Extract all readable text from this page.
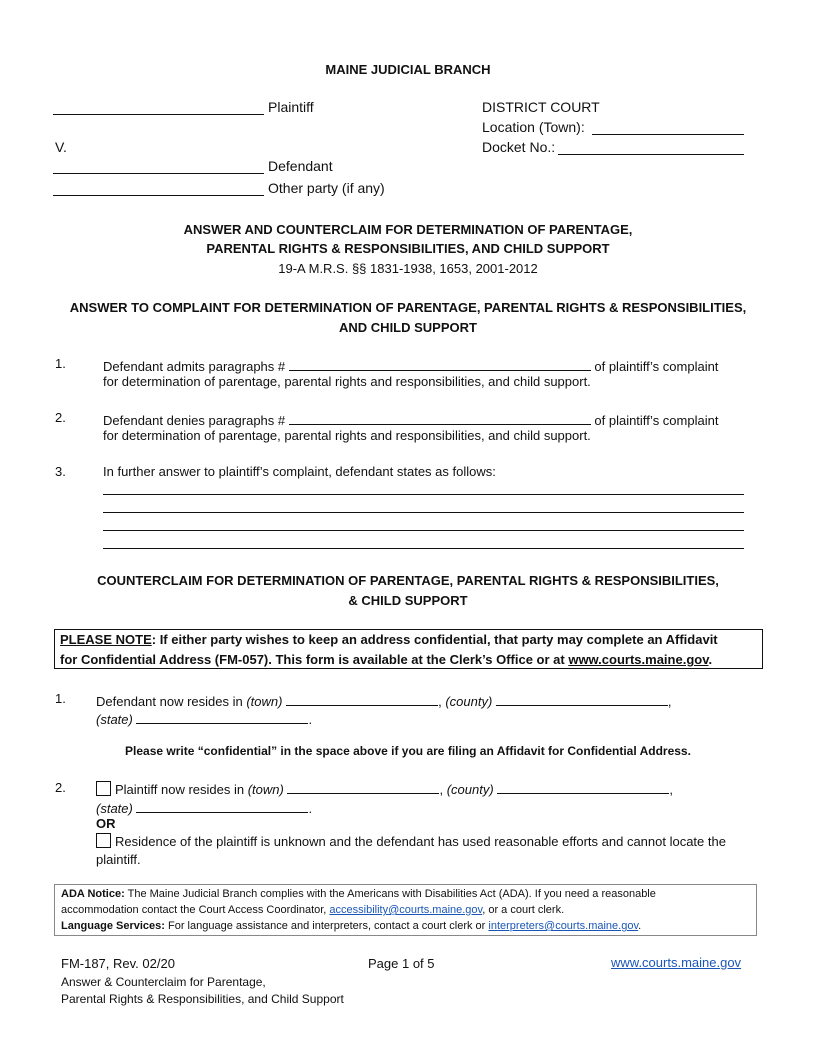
MAINE JUDICIAL BRANCH
Plaintiff
V.
Defendant
Other party (if any)
DISTRICT COURT
Location (Town):
Docket No.:
ANSWER AND COUNTERCLAIM FOR DETERMINATION OF PARENTAGE,
PARENTAL RIGHTS & RESPONSIBILITIES, AND CHILD SUPPORT
19-A M.R.S. §§ 1831-1938, 1653, 2001-2012
ANSWER TO COMPLAINT FOR DETERMINATION OF PARENTAGE, PARENTAL RIGHTS & RESPONSIBILITIES,
AND CHILD SUPPORT
1.	Defendant admits paragraphs #	of plaintiff’s complaint
for determination of parentage, parental rights and responsibilities, and child support.
2.	Defendant denies paragraphs #	of plaintiff’s complaint
for determination of parentage, parental rights and responsibilities, and child support.
3.	In further answer to plaintiff’s complaint, defendant states as follows:
COUNTERCLAIM FOR DETERMINATION OF PARENTAGE, PARENTAL RIGHTS & RESPONSIBILITIES,
& CHILD SUPPORT
PLEASE NOTE: If either party wishes to keep an address confidential, that party may complete an Affidavit
for Confidential Address (FM-057). This form is available at the Clerk’s Office or at www.courts.maine.gov.
1. Defendant now resides in (town)	, (county)	,
(state)	.
Please write “confidential” in the space above if you are filing an Affidavit for Confidential Address.
2.	Plaintiff now resides in (town)	, (county)	,
(state)	.
OR
Residence of the plaintiff is unknown and the defendant has used reasonable efforts and cannot locate the
plaintiff.
ADA Notice: The Maine Judicial Branch complies with the Americans with Disabilities Act (ADA). If you need a reasonable
accommodation contact the Court Access Coordinator, accessibility@courts.maine.gov, or a court clerk.
Language Services: For language assistance and interpreters, contact a court clerk or interpreters@courts.maine.gov.
FM-187, Rev. 02/20	Page 1 of 5	www.courts.maine.gov
Answer & Counterclaim for Parentage,
Parental Rights & Responsibilities, and Child Support
